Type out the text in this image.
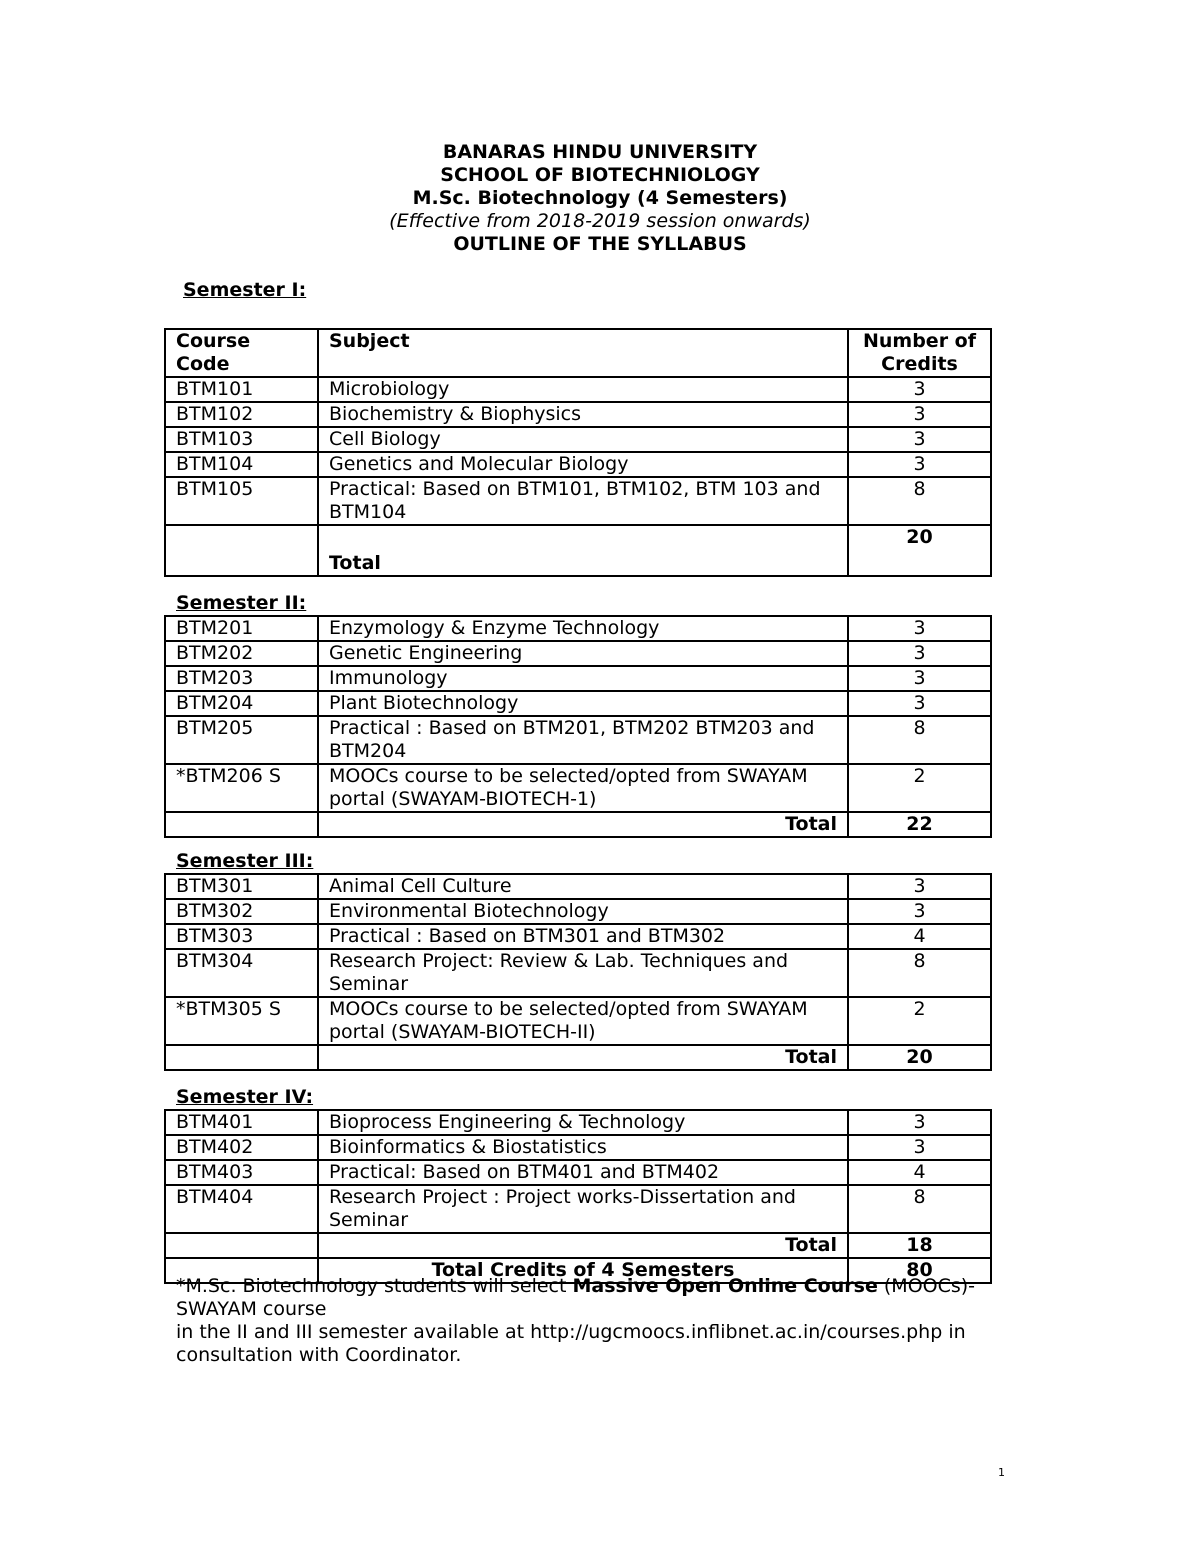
BANARAS HINDU UNIVERSITY
SCHOOL OF BIOTECHNIOLOGY
M.Sc. Biotechnology (4 Semesters)
(Effective from 2018-2019 session onwards)
OUTLINE OF THE SYLLABUS
Semester I:
Course
Code	Subject	Number of
Credits
BTM101	Microbiology	3
BTM102	Biochemistry & Biophysics	3
BTM103	Cell Biology	3
BTM104	Genetics and Molecular Biology	3
BTM105	Practical: Based on BTM101, BTM102, BTM 103 and BTM104	8
	Total	20
Semester II:
BTM201	Enzymology & Enzyme Technology	3
BTM202	Genetic Engineering	3
BTM203	Immunology	3
BTM204	Plant Biotechnology	3
BTM205	Practical : Based on BTM201, BTM202 BTM203 and BTM204	8
*BTM206 S	MOOCs course to be selected/opted from SWAYAM portal (SWAYAM-BIOTECH-1)	2
	Total	22
Semester III:
BTM301	Animal Cell Culture	3
BTM302	Environmental Biotechnology	3
BTM303	Practical : Based on BTM301 and BTM302	4
BTM304	Research Project: Review & Lab. Techniques and Seminar	8
*BTM305 S	MOOCs course to be selected/opted from SWAYAM portal (SWAYAM-BIOTECH-II)	2
	Total	20
Semester IV:
BTM401	Bioprocess Engineering & Technology	3
BTM402	Bioinformatics & Biostatistics	3
BTM403	Practical: Based on BTM401 and BTM402	4
BTM404	Research Project : Project works-Dissertation and Seminar	8
	Total	18
	Total Credits of 4 Semesters	80
*M.Sc. Biotechnology students will select Massive Open Online Course (MOOCs)-SWAYAM course
in the II and III semester available at http://ugcmoocs.inflibnet.ac.in/courses.php in consultation with Coordinator.
1
